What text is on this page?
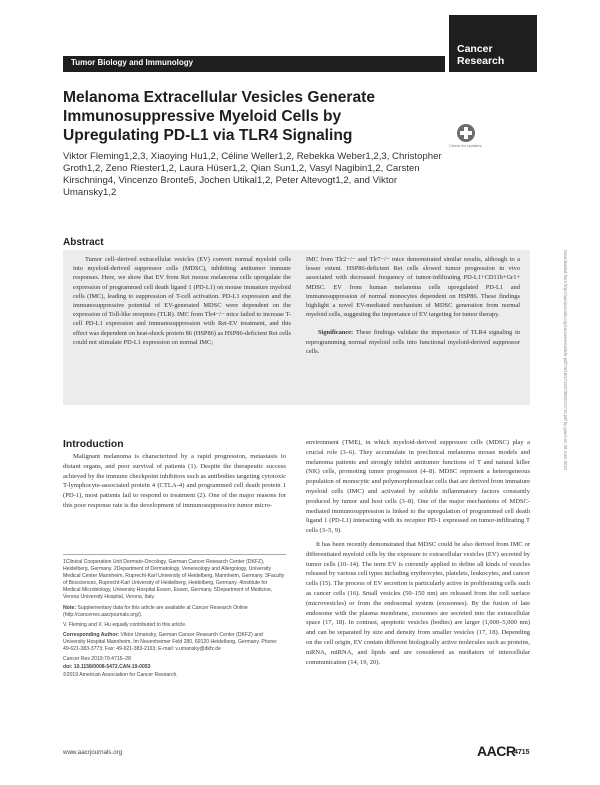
Tumor Biology and Immunology
Cancer
Research
Melanoma Extracellular Vesicles Generate Immunosuppressive Myeloid Cells by Upregulating PD-L1 via TLR4 Signaling
Check for updates
Viktor Fleming1,2,3, Xiaoying Hu1,2, Céline Weller1,2, Rebekka Weber1,2,3, Christopher Groth1,2, Zeno Riester1,2, Laura Hüser1,2, Qian Sun1,2, Vasyl Nagibin1,2, Carsten Kirschning4, Vincenzo Bronte5, Jochen Utikal1,2, Peter Altevogt1,2, and Viktor Umansky1,2
Abstract
Tumor cell–derived extracellular vesicles (EV) convert normal myeloid cells into myeloid-derived suppressor cells (MDSC), inhibiting antitumor immune responses. Here, we show that EV from Ret mouse melanoma cells upregulate the expression of programmed cell death ligand 1 (PD-L1) on mouse immature myeloid cells (IMC), leading to suppression of T-cell activation. PD-L1 expression and the immunosuppressive potential of EV-generated MDSC were dependent on the expression of Toll-like receptors (TLR). IMC from Tlr4−/− mice failed to increase T-cell PD-L1 expression and immunosuppression with Ret-EV treatment, and this effect was dependent on heat-shock protein 86 (HSP86) as HSP86-deficient Ret cells could not stimulate PD-L1 expression on normal IMC;
IMC from Tlr2−/− and Tlr7−/− mice demonstrated similar results, although to a lesser extent. HSP86-deficient Ret cells slowed tumor progression in vivo associated with decreased frequency of tumor-infiltrating PD-L1+CD11b+Gr1+ MDSC. EV from human melanoma cells upregulated PD-L1 and immunosuppression of normal monocytes dependent on HSP86. These findings highlight a novel EV-mediated mechanism of MDSC generation from normal myeloid cells, suggesting the importance of EV targeting for tumor therapy.
Significance: These findings validate the importance of TLR4 signaling in reprogramming normal myeloid cells into functional myeloid-derived suppressor cells.	Downloaded from http://aacrjournals.org/cancerres/article-pdf/79/18/4715/2785307/4715.pdf by guest on 28 June 2022
Introduction
Malignant melanoma is characterized by a rapid progression, metastasis to distant organs, and poor survival of patients (1). Despite the therapeutic success achieved by the immune checkpoint inhibitors such as antibodies targeting cytotoxic T-lymphocyte-associated protein 4 (CTLA-4) and programmed cell death protein 1 (PD-1), most patients fail to respond to treatment (2). One of the major reasons for this poor response rate is the development of immunosuppressive tumor micro-

environment (TME), in which myeloid-derived suppressor cells (MDSC) play a crucial role (3–6). They accumulate in preclinical melanoma mouse models and melanoma patients and strongly inhibit antitumor functions of T and natural killer (NK) cells, promoting tumor progression (4–8). MDSC represent a heterogeneous population of monocytic and polymorphonuclear cells that are derived from immature myeloid cells (IMC) and activated by soluble inflammatory factors constantly produced by tumor and host cells (3–8). One of the major mechanisms of MDSC-mediated immunosuppression is linked to the upregulation of programmed cell death ligand 1 (PD-L1) interacting with its receptor PD-1 expressed on tumor-infiltrating T cells (3–5, 9).

It has been recently demonstrated that MDSC could be also derived from IMC or differentiated myeloid cells by the exposure to extracellular vesicles (EV) secreted by tumor cells (10–14). The term EV is currently applied to define all kinds of vesicles released by various cell types including erythrocytes, platelets, leukocytes, and cancer cells (15). The process of EV secretion is particularly active in proliferating cells such as cancer cells (16). Small vesicles (50–150 nm) are released from the cell surface (microvesicles) or from the endosomal system (exosomes). By the fusion of late endosome with the plasma membrane, exosomes are secreted into the extracellular space (17, 18). In contrast, apoptotic vesicles (bodies) are larger (1,000–5,000 nm) and can be separated by size and density from smaller vesicles (17, 18). Depending on the cell origin, EV contain different biologically active molecules such as proteins, mRNA, miRNA, and lipids and are considered as mediators of intercellular communication (14, 19, 20).

1Clinical Cooperation Unit Dermato-Oncology, German Cancer Research Center (DKFZ), Heidelberg, Germany. 2Department of Dermatology, Venereology and Allergology, University Medical Center Mannheim, Ruprecht-Karl University of Heidelberg, Mannheim, Germany. 3Faculty of Biosciences, Ruprecht-Karl University of Heidelberg, Heidelberg, Germany. 4Institute for Medical Microbiology, University Hospital Essen, Essen, Germany. 5Department of Medicine, Verona University Hospital, Verona, Italy.

Note: Supplementary data for this article are available at Cancer Research Online (http://cancerres.aacrjournals.org/).

V. Fleming and X. Hu equally contributed to this article.

Corresponding Author: Viktor Umansky, German Cancer Research Center (DKFZ) and University Hospital Mannheim, Im Neuenheimer Feld 280, 69120 Heidelberg, Germany. Phone: 49-621-383-3773; Fax: 49-621-383-2163; E-mail: v.umansky@dkfz.de

Cancer Res 2019;79:4715–28

doi: 10.1158/0008-5472.CAN-19-0053

©2019 American Association for Cancer Research.

www.aacrjournals.org	AACR
4715
